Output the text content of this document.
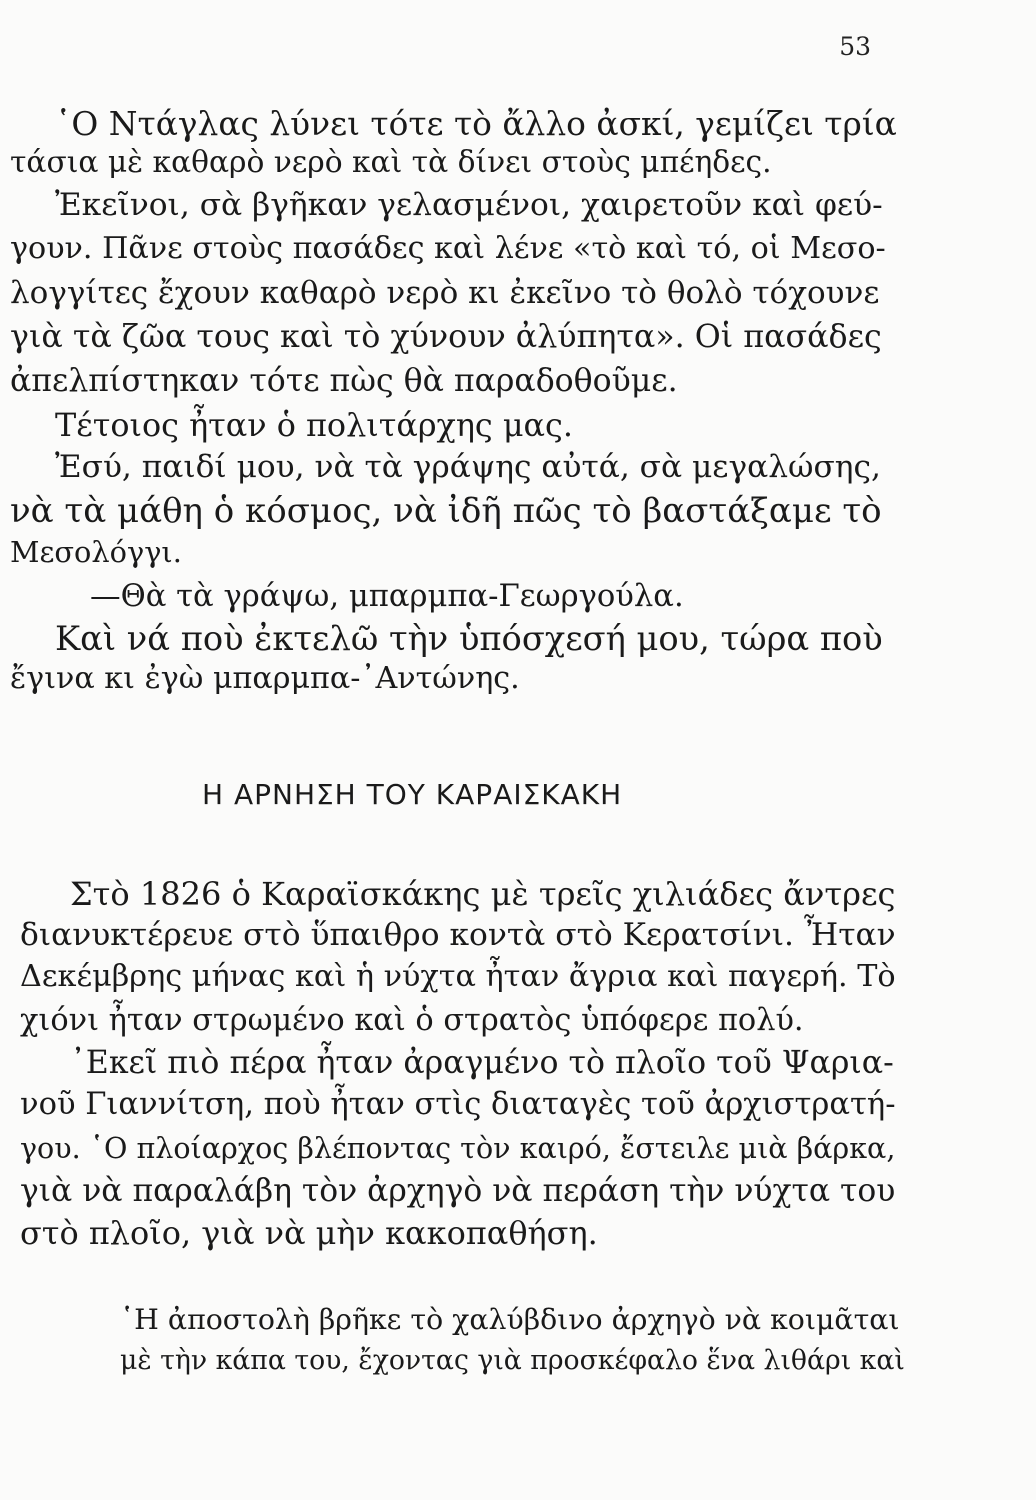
53
῾Ο Ντάγλας λύνει τότε τὸ ἄλλο ἀσκί, γεμίζει τρία
τάσια μὲ καθαρὸ νερὸ καὶ τὰ δίνει στοὺς μπέηδες.
Ἐκεῖνοι, σὰ βγῆκαν γελασμένοι, χαιρετοῦν καὶ φεύ-
γουν. Πᾶνε στοὺς πασάδες καὶ λένε «τὸ καὶ τό, οἱ Μεσο-
λογγίτες ἔχουν καθαρὸ νερὸ κι ἐκεῖνο τὸ θολὸ τόχουνε
γιὰ τὰ ζῶα τους καὶ τὸ χύνουν ἀλύπητα». Οἱ πασάδες
ἀπελπίστηκαν τότε πὼς θὰ παραδοθοῦμε.
Τέτοιος ἦταν ὁ πολιτάρχης μας.
Ἐσύ, παιδί μου, νὰ τὰ γράψης αὐτά, σὰ μεγαλώσης,
νὰ τὰ μάθη ὁ κόσμος, νὰ ἰδῆ πῶς τὸ βαστάξαμε τὸ
Μεσολόγγι.
—Θὰ τὰ γράψω, μπαρμπα-Γεωργούλα.
Καὶ νά ποὺ ἐκτελῶ τὴν ὑπόσχεσή μου, τώρα ποὺ
ἔγινα κι ἐγὼ μπαρμπα-᾿Αντώνης.
Η ΑΡΝΗΣΗ ΤΟΥ ΚΑΡΑΙΣΚΑΚΗ
Στὸ 1826 ὁ Καραϊσκάκης μὲ τρεῖς χιλιάδες ἄντρες
διανυκτέρευε στὸ ὕπαιθρο κοντὰ στὸ Κερατσίνι. Ἦταν
Δεκέμβρης μήνας καὶ ἡ νύχτα ἦταν ἄγρια καὶ παγερή. Τὸ
χιόνι ἦταν στρωμένο καὶ ὁ στρατὸς ὑπόφερε πολύ.
᾿Εκεῖ πιὸ πέρα ἦταν ἀραγμένο τὸ πλοῖο τοῦ Ψαρια-
νοῦ Γιαννίτση, ποὺ ἦταν στὶς διαταγὲς τοῦ ἀρχιστρατή-
γου. ῾Ο πλοίαρχος βλέποντας τὸν καιρό, ἔστειλε μιὰ βάρκα,
γιὰ νὰ παραλάβη τὸν ἀρχηγὸ νὰ περάση τὴν νύχτα του
στὸ πλοῖο, γιὰ νὰ μὴν κακοπαθήση.
῾Η ἀποστολὴ βρῆκε τὸ χαλύβδινο ἀρχηγὸ νὰ κοιμᾶται
μὲ τὴν κάπα του, ἔχοντας γιὰ προσκέφαλο ἕνα λιθάρι καὶ
